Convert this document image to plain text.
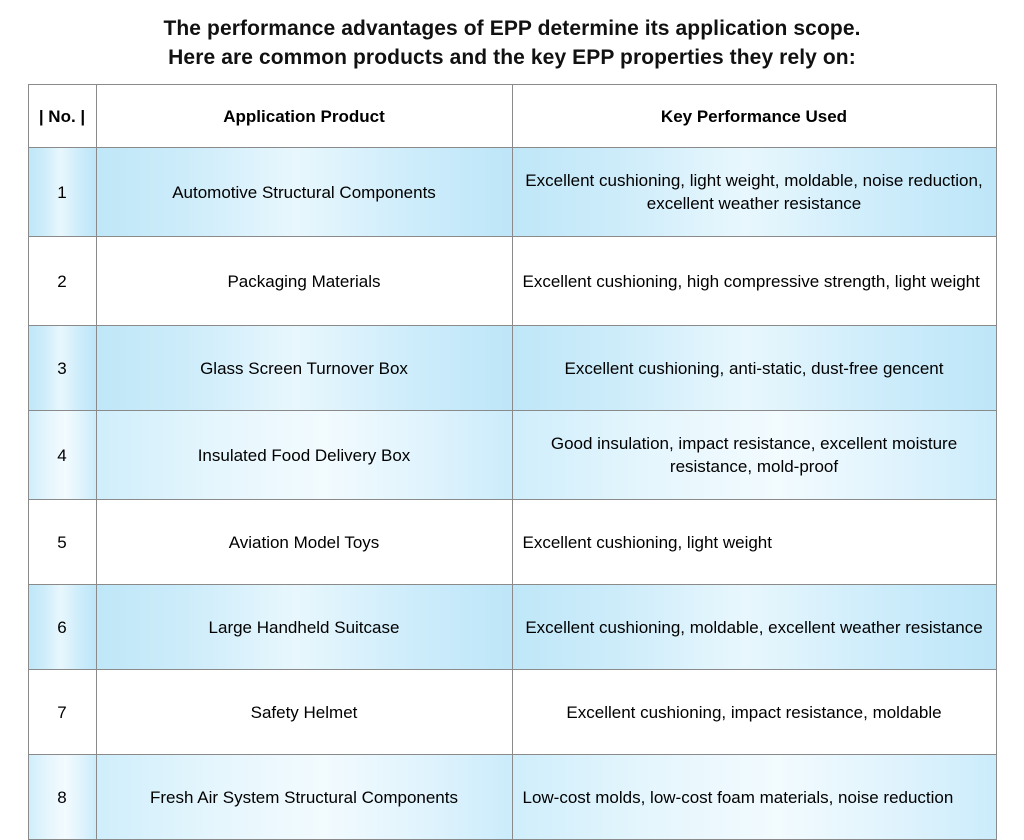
The performance advantages of EPP determine its application scope.
Here are common products and the key EPP properties they rely on:
| No. |	Application Product	Key Performance Used
1	Automotive Structural Components	Excellent cushioning, light weight, moldable, noise reduction, excellent weather resistance
2	Packaging Materials	Excellent cushioning, high compressive strength, light weight
3	Glass Screen Turnover Box	Excellent cushioning, anti-static, dust-free gencent
4	Insulated Food Delivery Box	Good insulation, impact resistance, excellent moisture resistance, mold-proof
5	Aviation Model Toys	Excellent cushioning, light weight
6	Large Handheld Suitcase	Excellent cushioning, moldable, excellent weather resistance
7	Safety Helmet	Excellent cushioning, impact resistance, moldable
8	Fresh Air System Structural Components	Low-cost molds, low-cost foam materials, noise reduction
